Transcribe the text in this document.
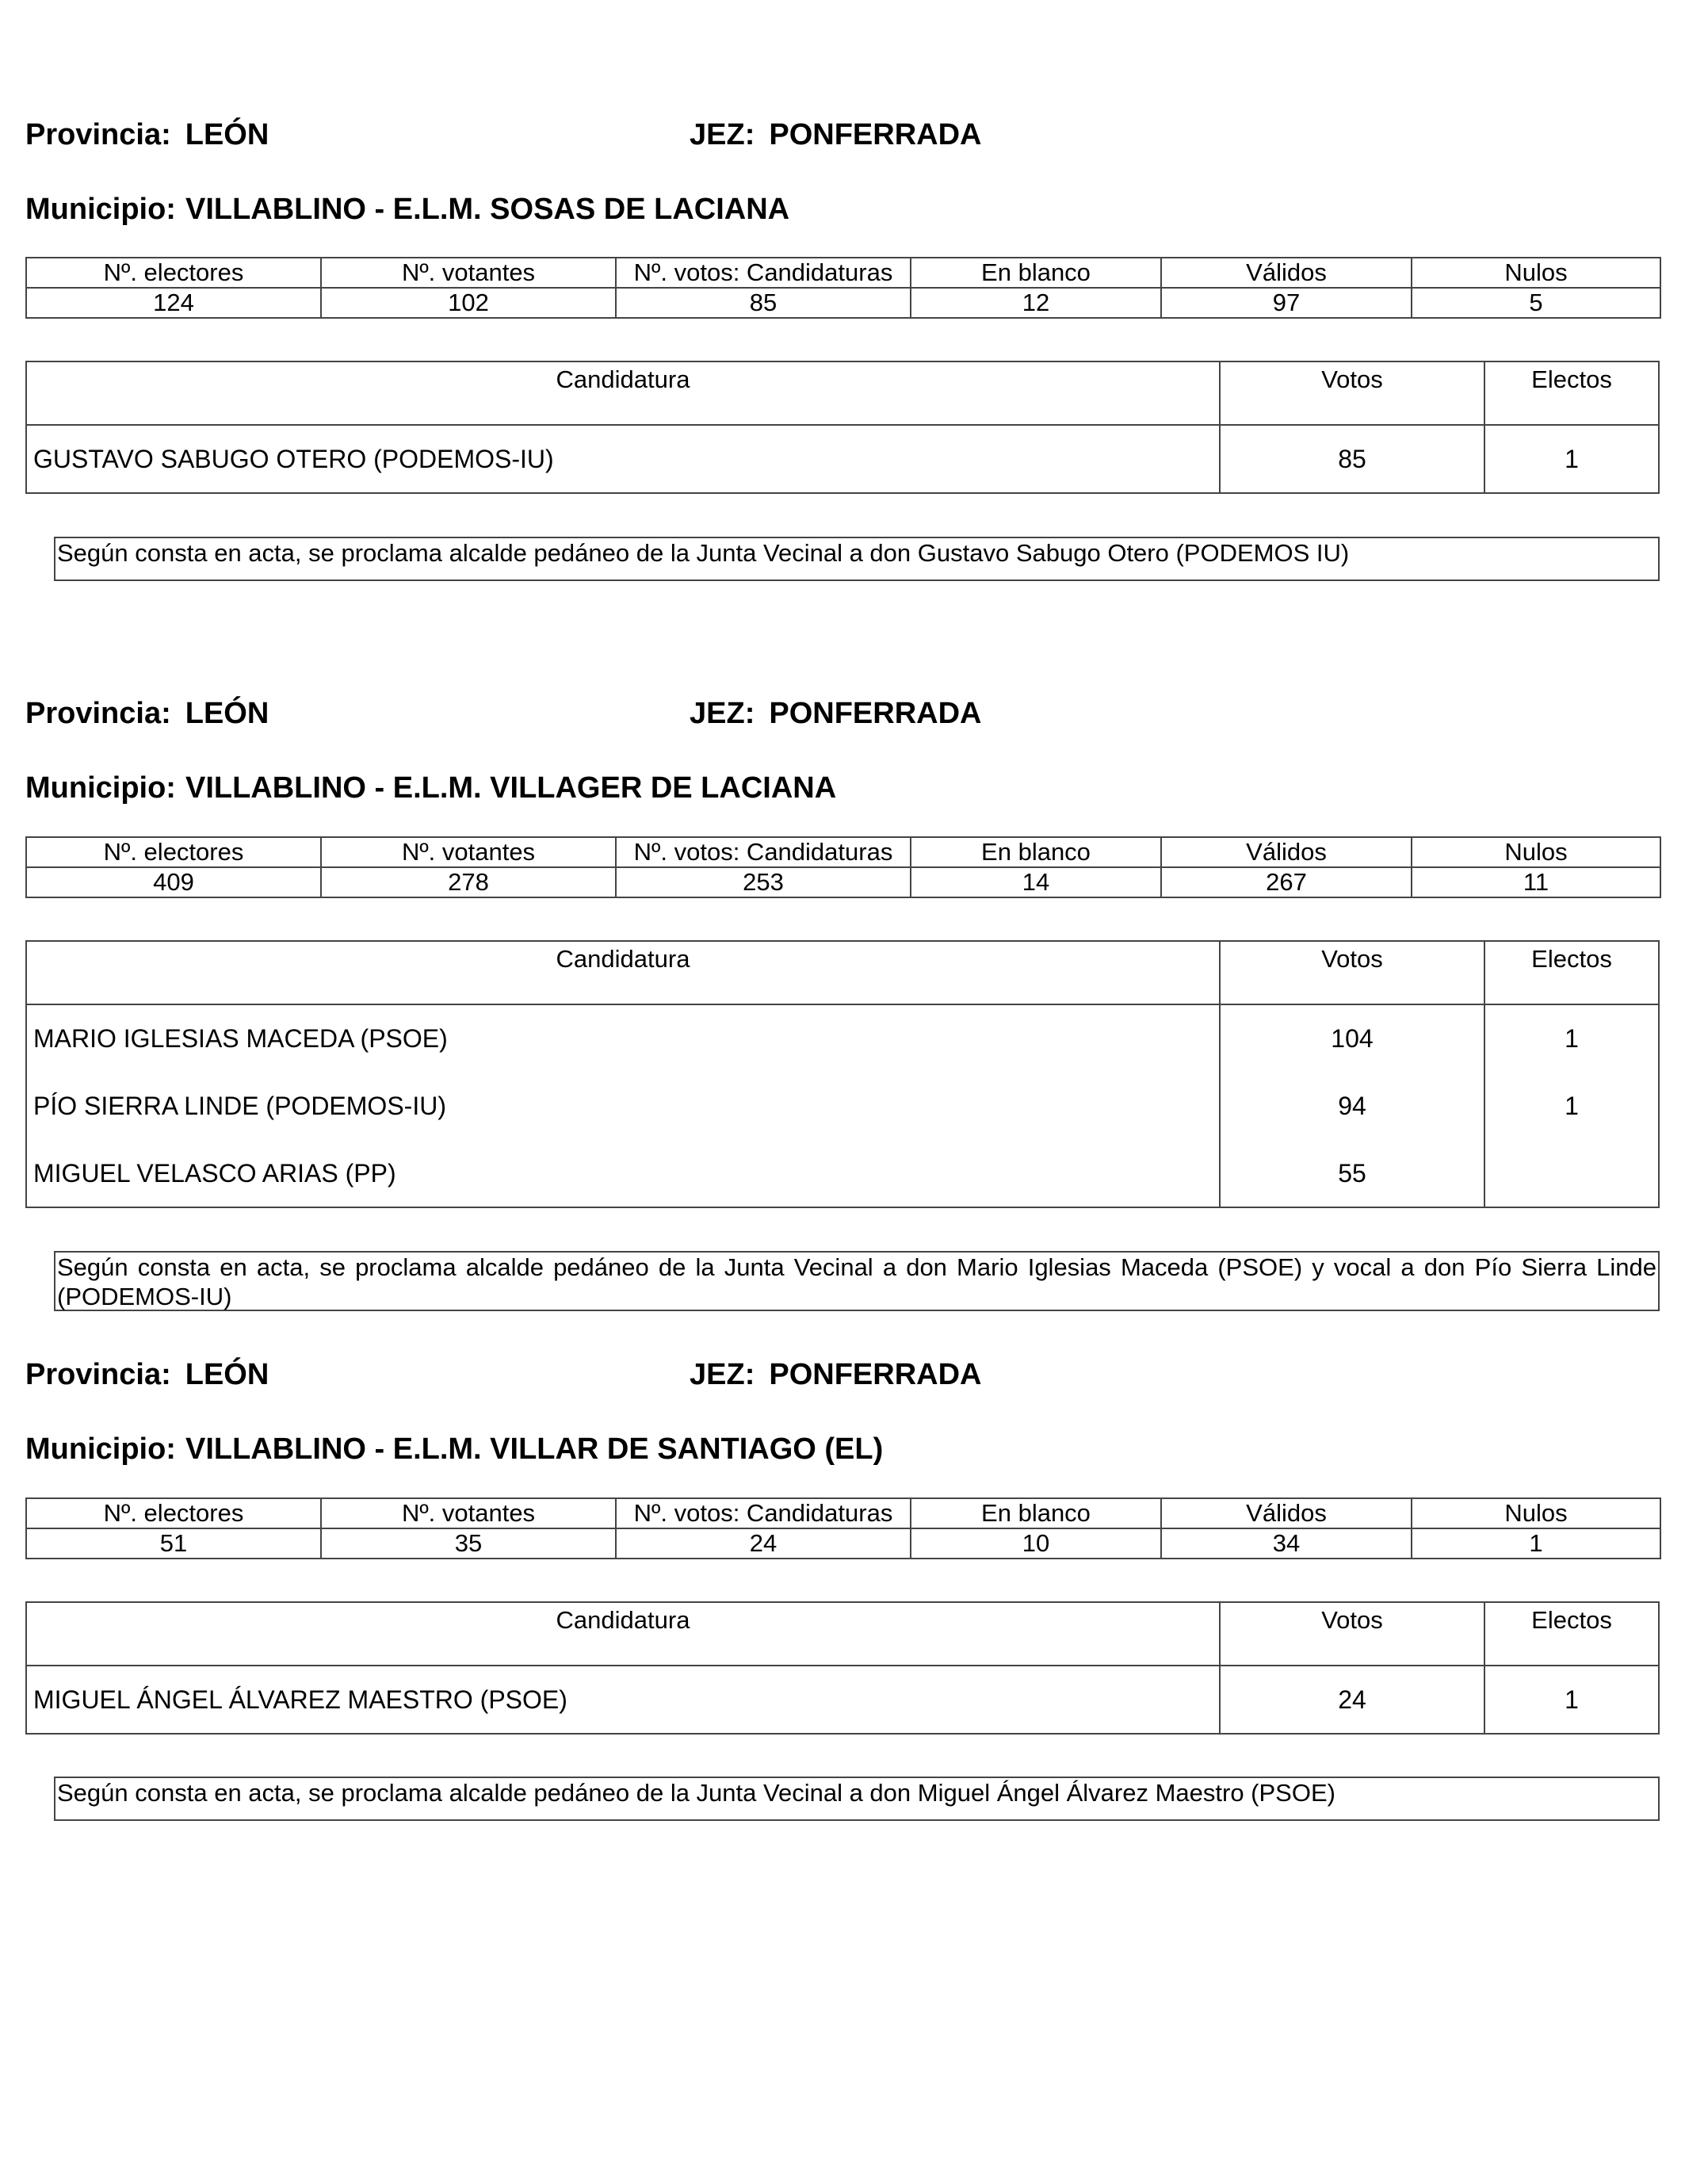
Provincia: LEÓN	JEZ: PONFERRADA
Municipio: VILLABLINO - E.L.M. SOSAS DE LACIANA
Nº. electores	Nº. votantes	Nº. votos: Candidaturas	En blanco	Válidos	Nulos
124	102	85	12	97	5
Candidatura	Votos	Electos
GUSTAVO SABUGO OTERO (PODEMOS-IU)	85	1
Según consta en acta, se proclama alcalde pedáneo de la Junta Vecinal a don Gustavo Sabugo Otero (PODEMOS IU)
Provincia: LEÓN	JEZ: PONFERRADA
Municipio: VILLABLINO - E.L.M. VILLAGER DE LACIANA
Nº. electores	Nº. votantes	Nº. votos: Candidaturas	En blanco	Válidos	Nulos
409	278	253	14	267	11
Candidatura	Votos	Electos
MARIO IGLESIAS MACEDA (PSOE)	104	1
PÍO SIERRA LINDE (PODEMOS-IU)	94	1
MIGUEL VELASCO ARIAS (PP)	55
Según consta en acta, se proclama alcalde pedáneo de la Junta Vecinal a don Mario Iglesias Maceda (PSOE) y vocal a don Pío Sierra Linde (PODEMOS-IU)
Provincia: LEÓN	JEZ: PONFERRADA
Municipio: VILLABLINO - E.L.M. VILLAR DE SANTIAGO (EL)
Nº. electores	Nº. votantes	Nº. votos: Candidaturas	En blanco	Válidos	Nulos
51	35	24	10	34	1
Candidatura	Votos	Electos
MIGUEL ÁNGEL ÁLVAREZ MAESTRO (PSOE)	24	1
Según consta en acta, se proclama alcalde pedáneo de la Junta Vecinal a don Miguel Ángel Álvarez Maestro (PSOE)
